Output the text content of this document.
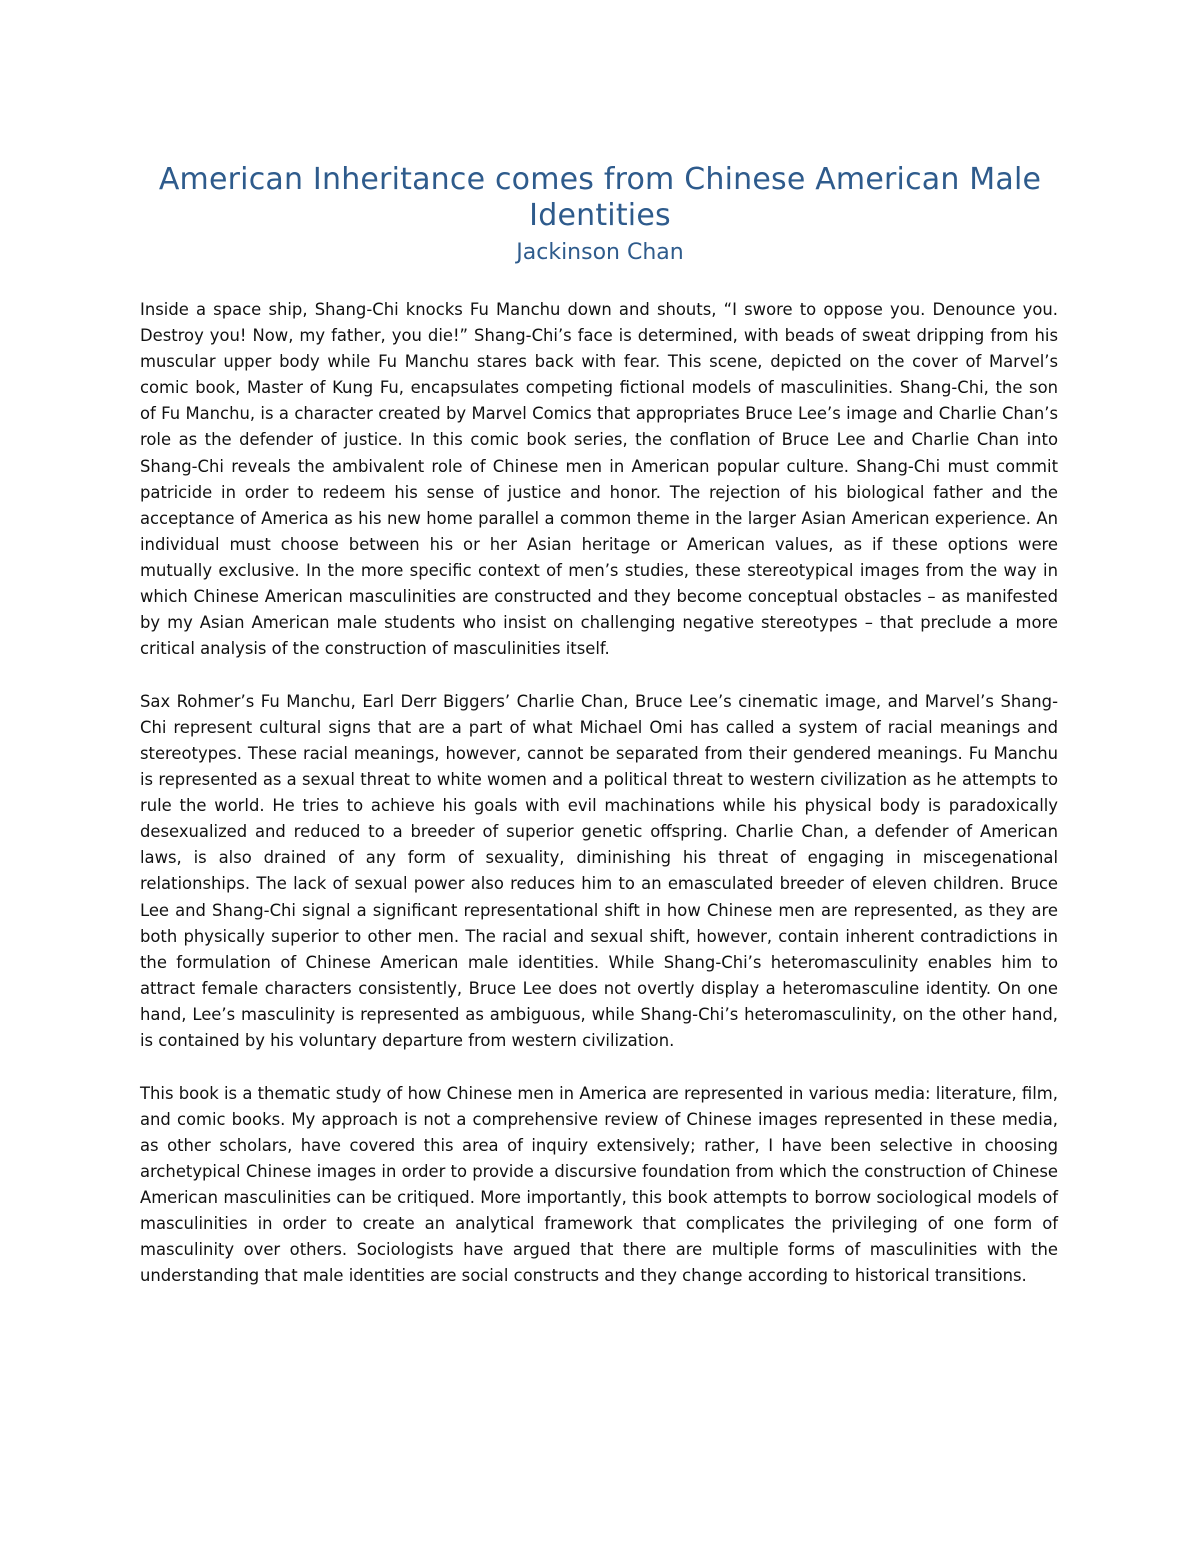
American Inheritance comes from Chinese American Male Identities
Jackinson Chan

Inside a space ship, Shang-Chi knocks Fu Manchu down and shouts, “I swore to oppose you. Denounce you. Destroy you! Now, my father, you die!” Shang-Chi’s face is determined, with beads of sweat dripping from his muscular upper body while Fu Manchu stares back with fear. This scene, depicted on the cover of Marvel’s comic book, Master of Kung Fu, encapsulates competing fictional models of masculinities. Shang-Chi, the son of Fu Manchu, is a character created by Marvel Comics that appropriates Bruce Lee’s image and Charlie Chan’s role as the defender of justice. In this comic book series, the conflation of Bruce Lee and Charlie Chan into Shang-Chi reveals the ambivalent role of Chinese men in American popular culture. Shang-Chi must commit patricide in order to redeem his sense of justice and honor. The rejection of his biological father and the acceptance of America as his new home parallel a common theme in the larger Asian American experience. An individual must choose between his or her Asian heritage or American values, as if these options were mutually exclusive. In the more specific context of men’s studies, these stereotypical images from the way in which Chinese American masculinities are constructed and they become conceptual obstacles – as manifested by my Asian American male students who insist on challenging negative stereotypes – that preclude a more critical analysis of the construction of masculinities itself.

Sax Rohmer’s Fu Manchu, Earl Derr Biggers’ Charlie Chan, Bruce Lee’s cinematic image, and Marvel’s Shang-Chi represent cultural signs that are a part of what Michael Omi has called a system of racial meanings and stereotypes. These racial meanings, however, cannot be separated from their gendered meanings. Fu Manchu is represented as a sexual threat to white women and a political threat to western civilization as he attempts to rule the world. He tries to achieve his goals with evil machinations while his physical body is paradoxically desexualized and reduced to a breeder of superior genetic offspring. Charlie Chan, a defender of American laws, is also drained of any form of sexuality, diminishing his threat of engaging in miscegenational relationships. The lack of sexual power also reduces him to an emasculated breeder of eleven children. Bruce Lee and Shang-Chi signal a significant representational shift in how Chinese men are represented, as they are both physically superior to other men. The racial and sexual shift, however, contain inherent contradictions in the formulation of Chinese American male identities. While Shang-Chi’s heteromasculinity enables him to attract female characters consistently, Bruce Lee does not overtly display a heteromasculine identity. On one hand, Lee’s masculinity is represented as ambiguous, while Shang-Chi’s heteromasculinity, on the other hand, is contained by his voluntary departure from western civilization.

This book is a thematic study of how Chinese men in America are represented in various media: literature, film, and comic books. My approach is not a comprehensive review of Chinese images represented in these media, as other scholars, have covered this area of inquiry extensively; rather, I have been selective in choosing archetypical Chinese images in order to provide a discursive foundation from which the construction of Chinese American masculinities can be critiqued. More importantly, this book attempts to borrow sociological models of masculinities in order to create an analytical framework that complicates the privileging of one form of masculinity over others. Sociologists have argued that there are multiple forms of masculinities with the understanding that male identities are social constructs and they change according to historical transitions.
